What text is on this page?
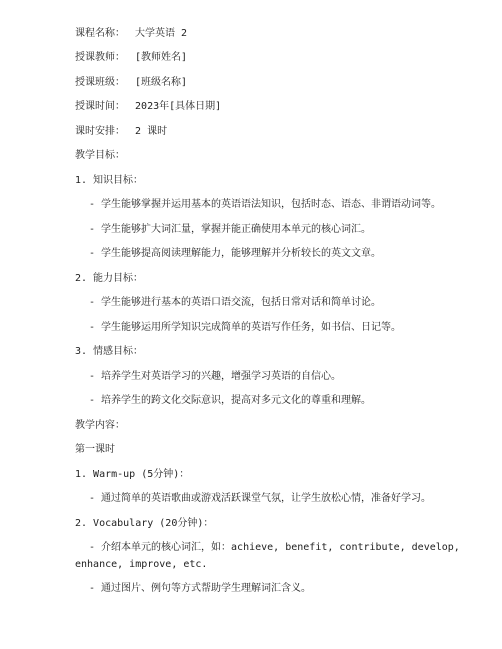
课程名称： 大学英语 2
授课教师： [教师姓名]
授课班级： [班级名称]
授课时间： 2023年[具体日期]
课时安排： 2 课时
教学目标：
1. 知识目标：
- 学生能够掌握并运用基本的英语语法知识，包括时态、语态、非谓语动词等。
- 学生能够扩大词汇量，掌握并能正确使用本单元的核心词汇。
- 学生能够提高阅读理解能力，能够理解并分析较长的英文文章。
2. 能力目标：
- 学生能够进行基本的英语口语交流，包括日常对话和简单讨论。
- 学生能够运用所学知识完成简单的英语写作任务，如书信、日记等。
3. 情感目标：
- 培养学生对英语学习的兴趣，增强学习英语的自信心。
- 培养学生的跨文化交际意识，提高对多元文化的尊重和理解。
教学内容：
第一课时
1. Warm-up (5分钟)：
- 通过简单的英语歌曲或游戏活跃课堂气氛，让学生放松心情，准备好学习。
2. Vocabulary (20分钟)：
- 介绍本单元的核心词汇，如：achieve, benefit, contribute, develop,
enhance, improve, etc.
- 通过图片、例句等方式帮助学生理解词汇含义。
